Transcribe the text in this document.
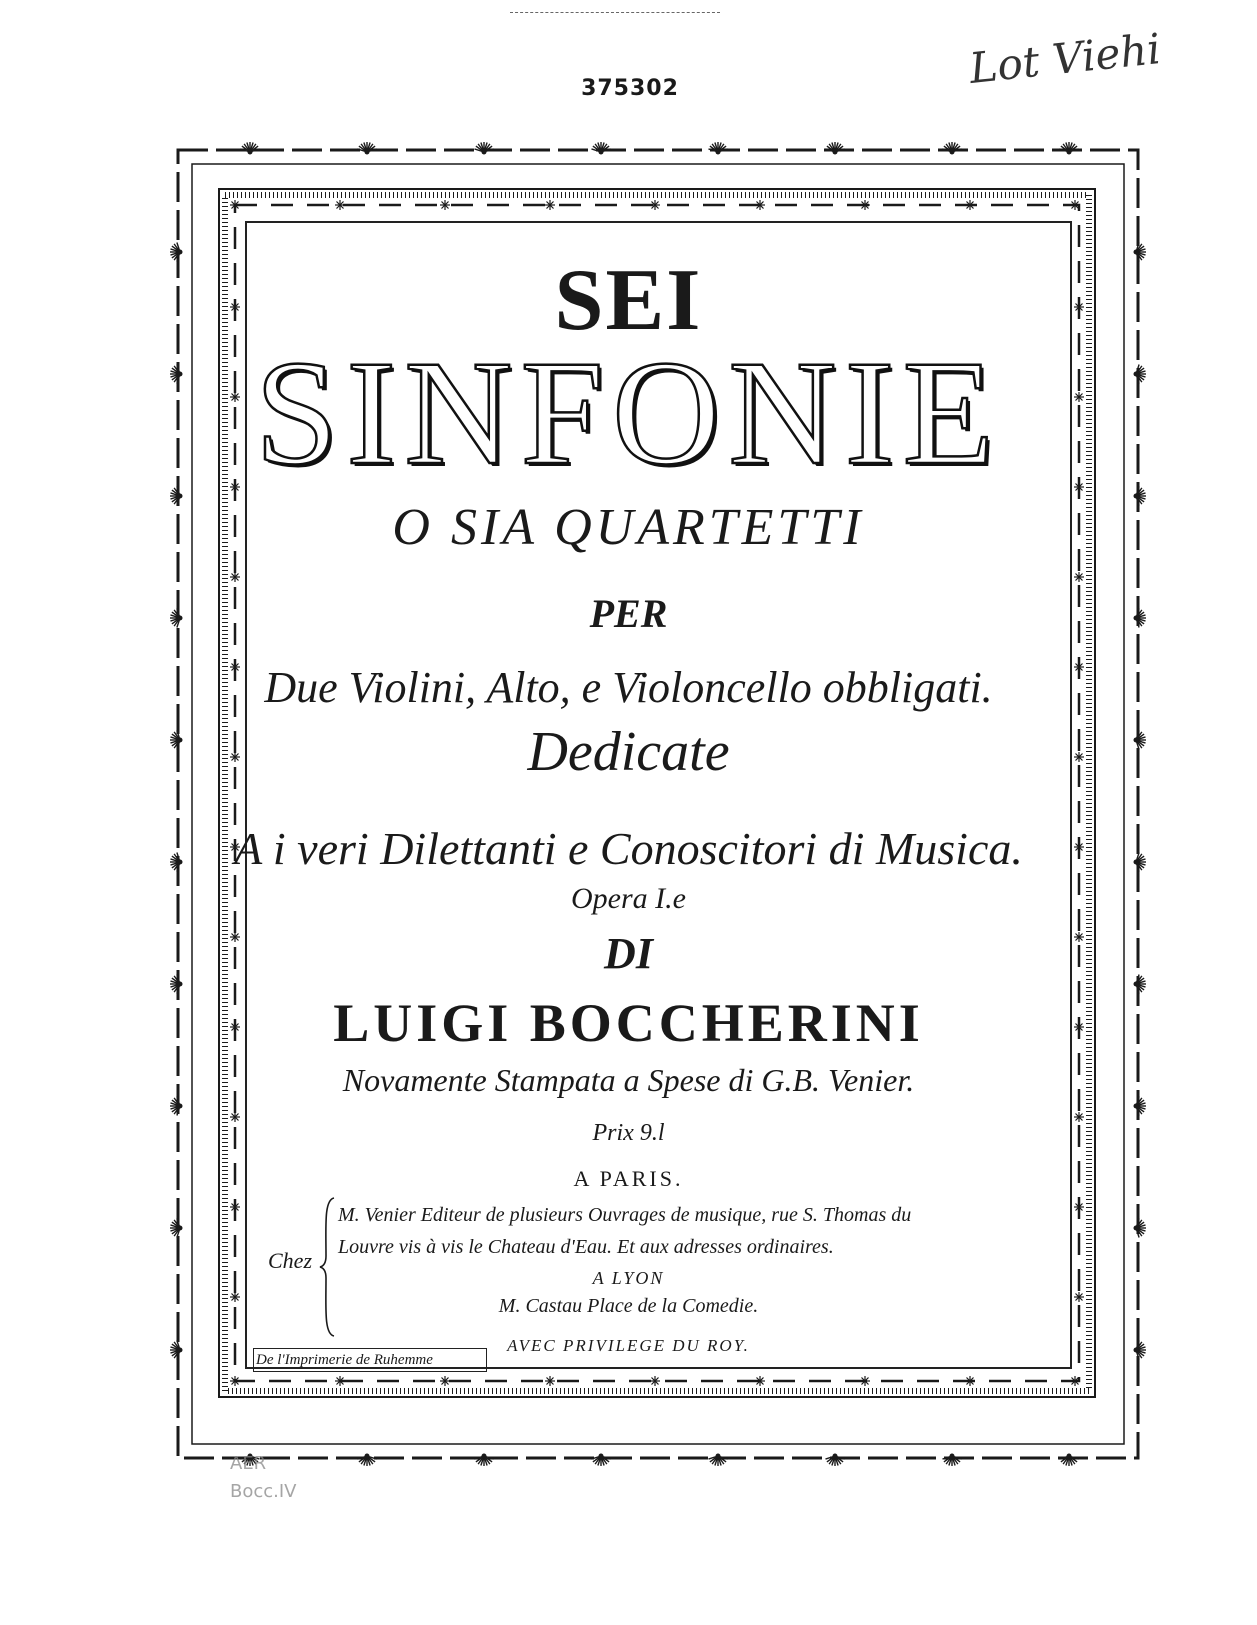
375302	Lot Viehi
SEI
SINFONIE
O SIA QUARTETTI
PER
Due Violini, Alto, e Violoncello obbligati.
Dedicate
A i veri Dilettanti e Conoscitori di Musica.
Opera I.e
DI
LUIGI BOCCHERINI
Novamente Stampata a Spese di G.B. Venier.
Prix 9.l
A PARIS.
Chez
M. Venier Editeur de plusieurs Ouvrages de musique, rue S. Thomas du
Louvre vis à vis le Chateau d'Eau. Et aux adresses ordinaires.
A LYON
M. Castau Place de la Comedie.
AVEC PRIVILEGE DU ROY.
De l'Imprimerie de Ruhemme
AER
Bocc.IV
